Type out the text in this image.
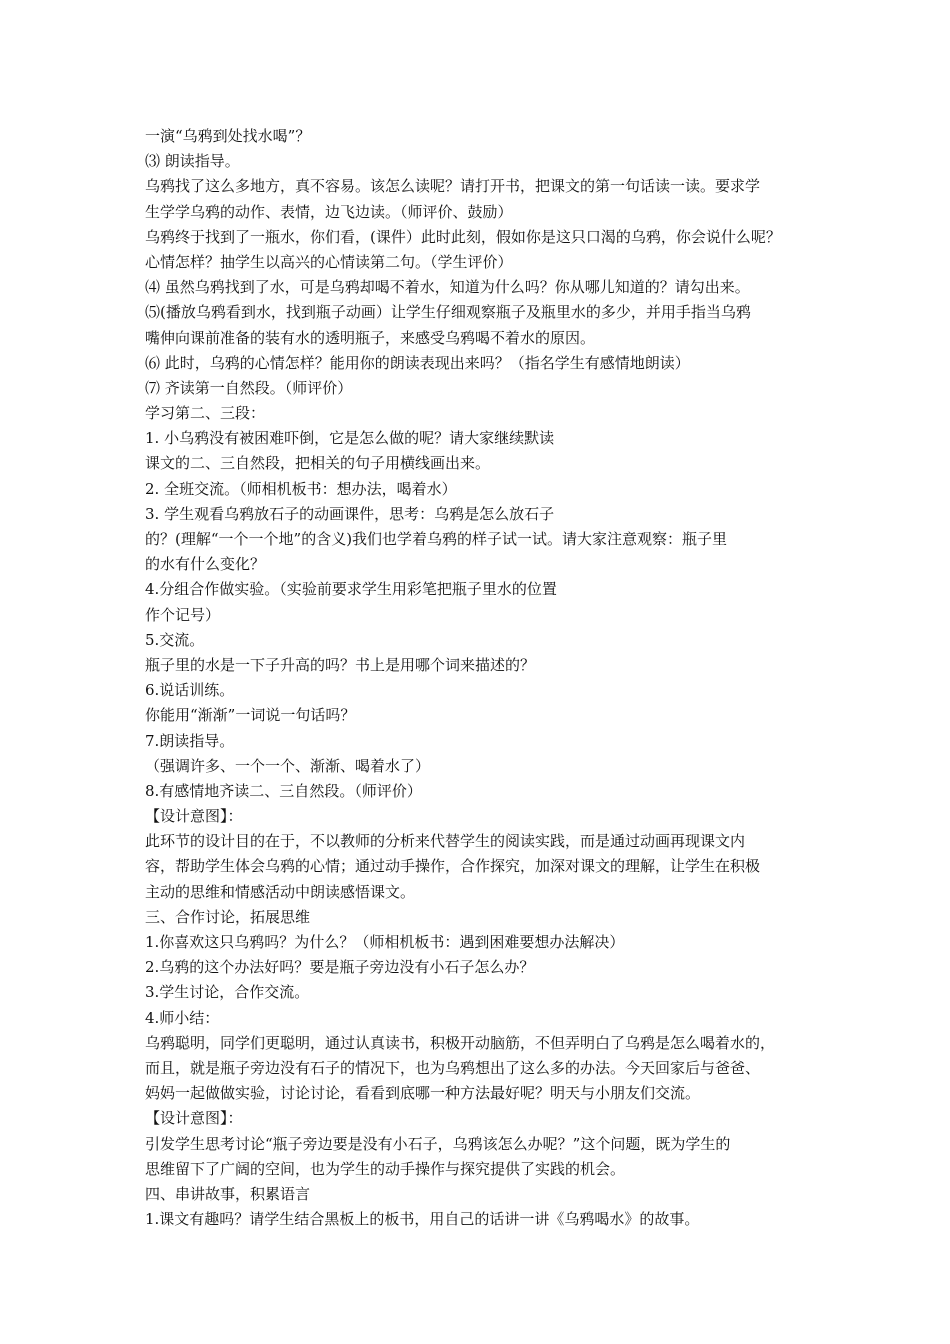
一演“乌鸦到处找水喝”？
⑶ 朗读指导。
乌鸦找了这么多地方，真不容易。该怎么读呢？请打开书，把课文的第一句话读一读。要求学
生学学乌鸦的动作、表情，边飞边读。（师评价、鼓励）
乌鸦终于找到了一瓶水，你们看，(课件）此时此刻，假如你是这只口渴的乌鸦，你会说什么呢？
心情怎样？抽学生以高兴的心情读第二句。（学生评价）
⑷ 虽然乌鸦找到了水，可是乌鸦却喝不着水，知道为什么吗？你从哪儿知道的？请勾出来。
⑸(播放乌鸦看到水，找到瓶子动画）让学生仔细观察瓶子及瓶里水的多少，并用手指当乌鸦
嘴伸向课前准备的装有水的透明瓶子，来感受乌鸦喝不着水的原因。
⑹ 此时，乌鸦的心情怎样？能用你的朗读表现出来吗？（指名学生有感情地朗读）
⑺ 齐读第一自然段。（师评价）
学习第二、三段：
1. 小乌鸦没有被困难吓倒，它是怎么做的呢？请大家继续默读
课文的二、三自然段，把相关的句子用横线画出来。
2. 全班交流。（师相机板书：想办法，喝着水）
3. 学生观看乌鸦放石子的动画课件，思考：乌鸦是怎么放石子
的？(理解“一个一个地”的含义)我们也学着乌鸦的样子试一试。请大家注意观察：瓶子里
的水有什么变化？
4.分组合作做实验。（实验前要求学生用彩笔把瓶子里水的位置
作个记号）
5.交流。
瓶子里的水是一下子升高的吗？书上是用哪个词来描述的？
6.说话训练。
你能用“渐渐”一词说一句话吗？
7.朗读指导。
（强调许多、一个一个、渐渐、喝着水了）
8.有感情地齐读二、三自然段。（师评价）
【设计意图】：
此环节的设计目的在于，不以教师的分析来代替学生的阅读实践，而是通过动画再现课文内
容，帮助学生体会乌鸦的心情；通过动手操作，合作探究，加深对课文的理解，让学生在积极
主动的思维和情感活动中朗读感悟课文。
三、合作讨论，拓展思维
1.你喜欢这只乌鸦吗？为什么？（师相机板书：遇到困难要想办法解决）
2.乌鸦的这个办法好吗？要是瓶子旁边没有小石子怎么办？
3.学生讨论，合作交流。
4.师小结：
乌鸦聪明，同学们更聪明，通过认真读书，积极开动脑筋，不但弄明白了乌鸦是怎么喝着水的，
而且，就是瓶子旁边没有石子的情况下，也为乌鸦想出了这么多的办法。今天回家后与爸爸、
妈妈一起做做实验，讨论讨论，看看到底哪一种方法最好呢？明天与小朋友们交流。
【设计意图】：
引发学生思考讨论“瓶子旁边要是没有小石子，乌鸦该怎么办呢？”这个问题，既为学生的
思维留下了广阔的空间，也为学生的动手操作与探究提供了实践的机会。
四、串讲故事，积累语言
1.课文有趣吗？请学生结合黑板上的板书，用自己的话讲一讲《乌鸦喝水》的故事。
